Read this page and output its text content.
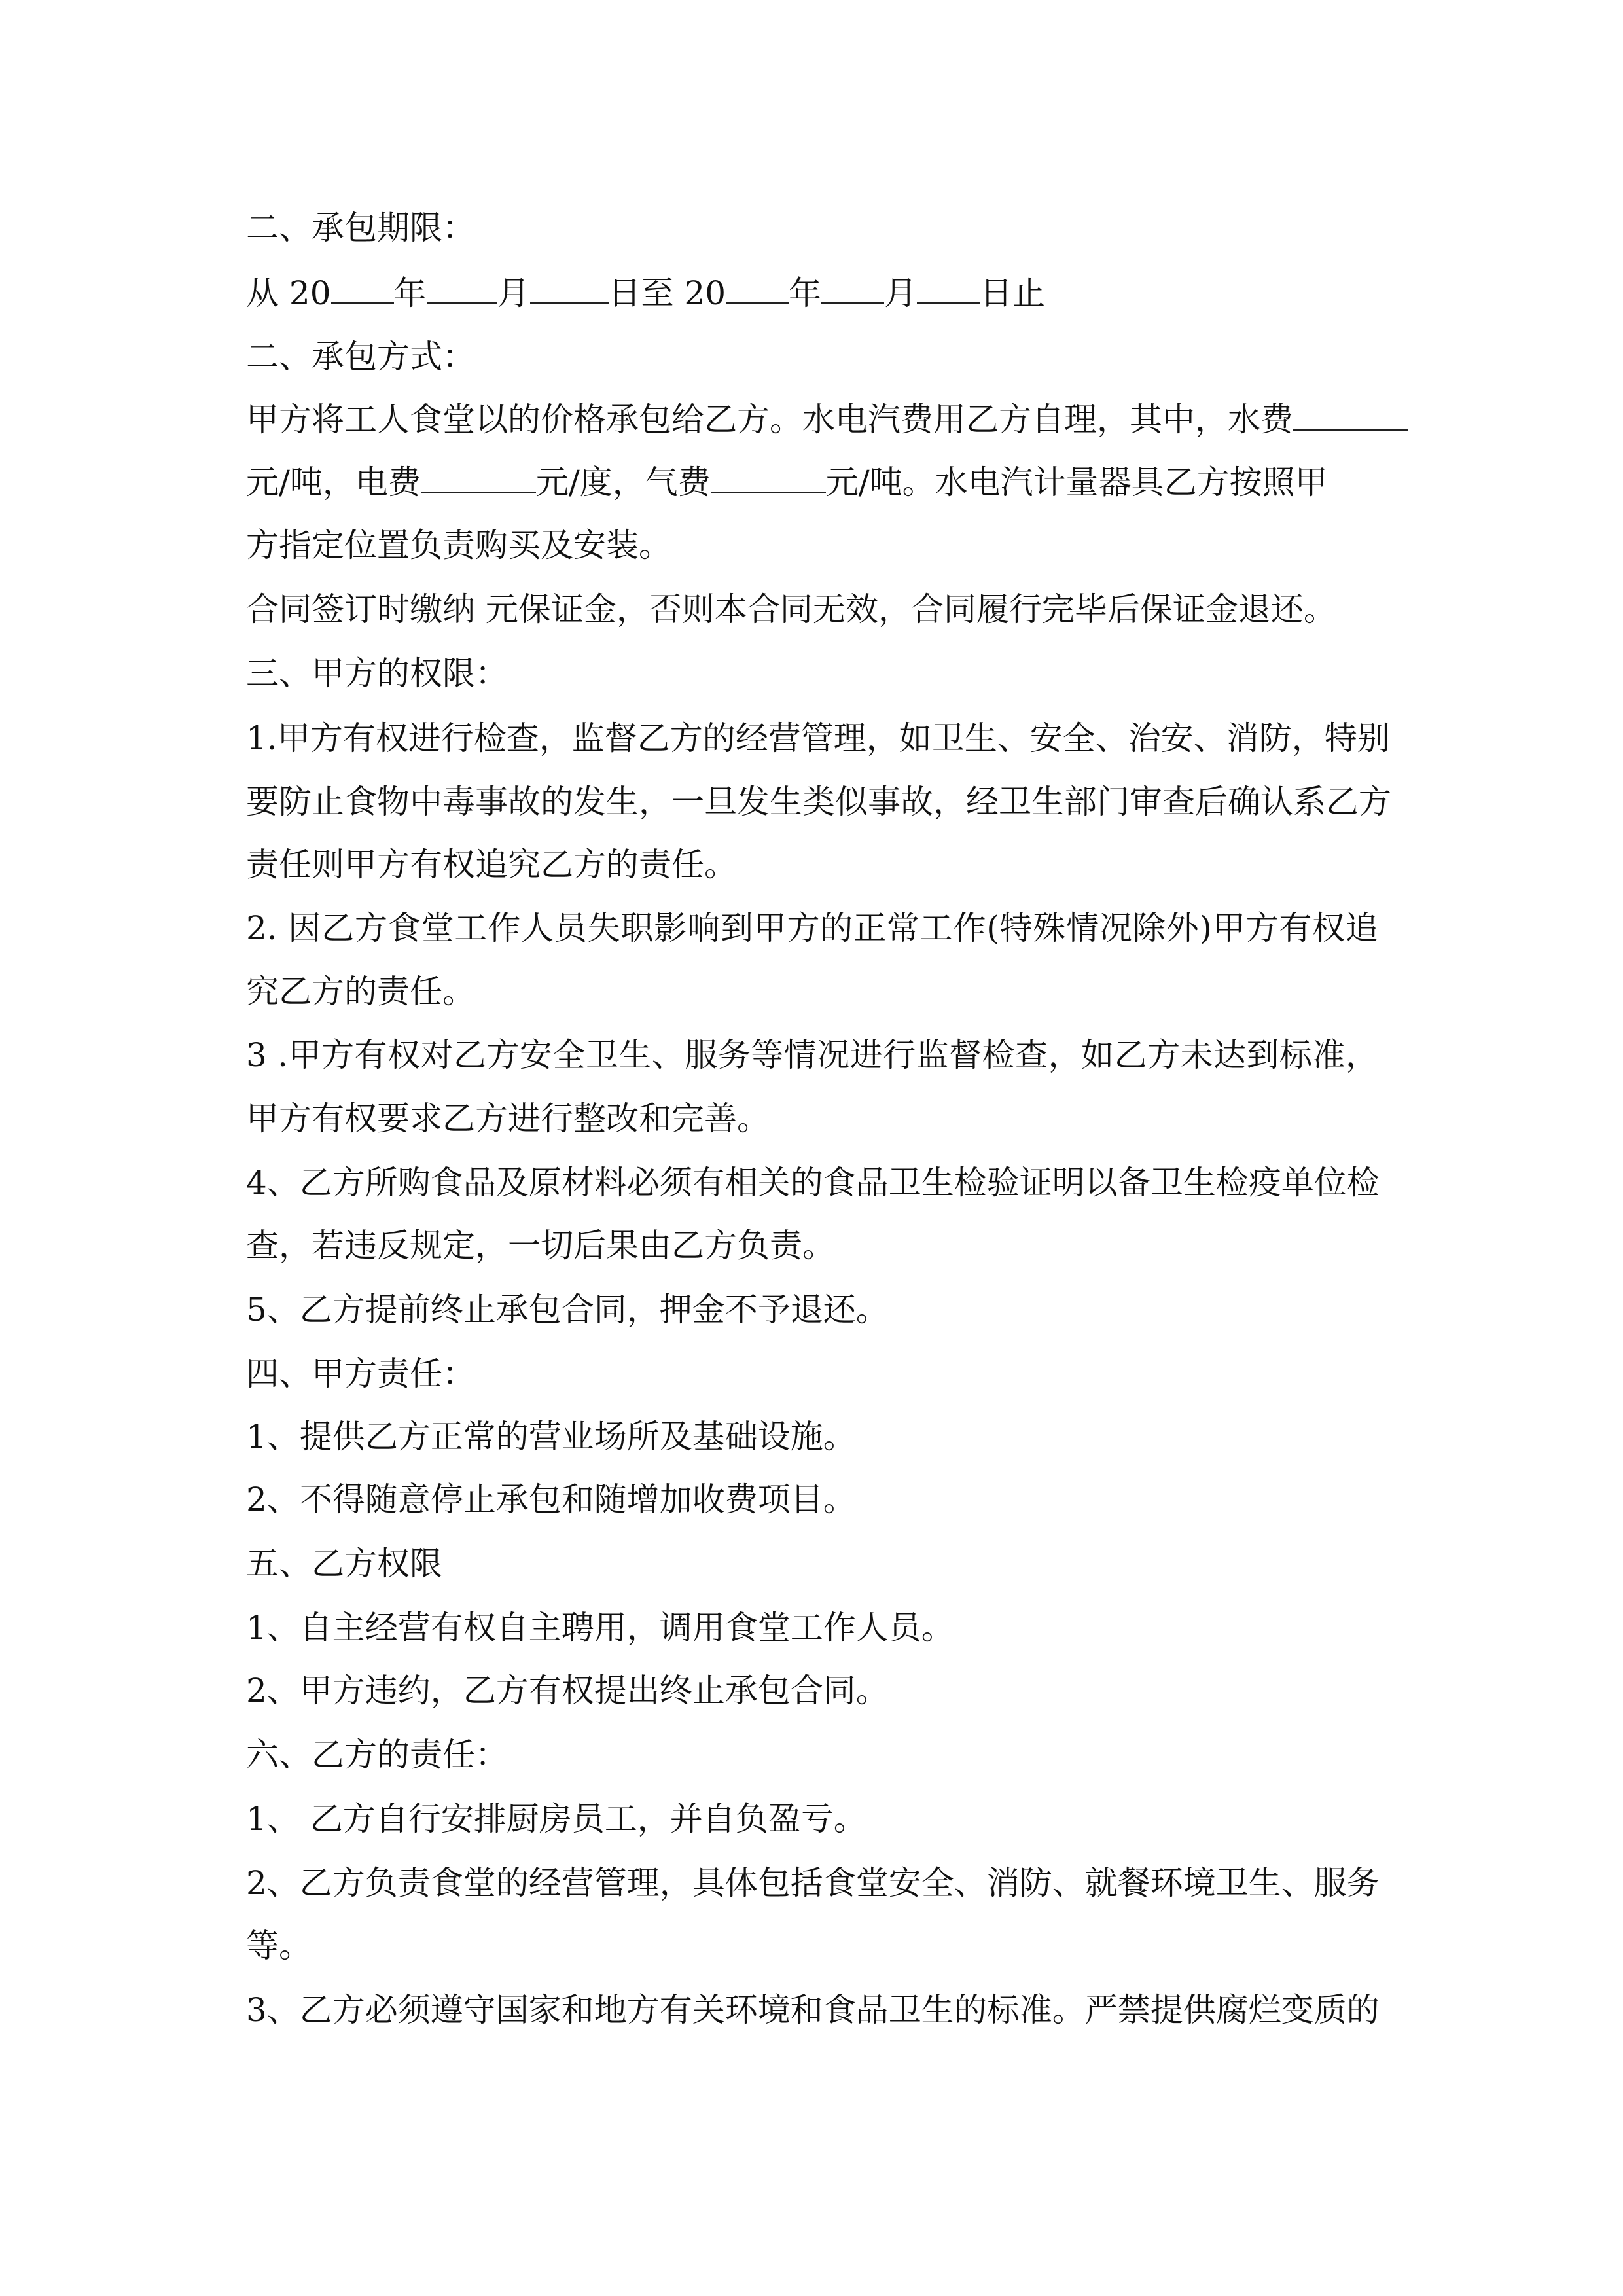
二、承包期限：
从 20 年 月 日至 20 年 月 日止
二、承包方式：
甲方将工人食堂以的价格承包给乙方。水电汽费用乙方自理，其中，水费
元/吨，电费	元/度，气费	元/吨。水电汽计量器具乙方按照甲
方指定位置负责购买及安装。
合同签订时缴纳 元保证金，否则本合同无效，合同履行完毕后保证金退还。
三、甲方的权限：
1.甲方有权进行检查，监督乙方的经营管理，如卫生、安全、治安、消防，特别
要防止食物中毒事故的发生，一旦发生类似事故，经卫生部门审查后确认系乙方
责任则甲方有权追究乙方的责任。
2. 因乙方食堂工作人员失职影响到甲方的正常工作(特殊情况除外)甲方有权追
究乙方的责任。
3 .甲方有权对乙方安全卫生、服务等情况进行监督检查，如乙方未达到标准，
甲方有权要求乙方进行整改和完善。
4、乙方所购食品及原材料必须有相关的食品卫生检验证明以备卫生检疫单位检
查，若违反规定，一切后果由乙方负责。
5、乙方提前终止承包合同，押金不予退还。
四、甲方责任：
1、提供乙方正常的营业场所及基础设施。
2、不得随意停止承包和随增加收费项目。
五、乙方权限
1、自主经营有权自主聘用，调用食堂工作人员。
2、甲方违约，乙方有权提出终止承包合同。
六、乙方的责任：
1、 乙方自行安排厨房员工，并自负盈亏。
2、乙方负责食堂的经营管理，具体包括食堂安全、消防、就餐环境卫生、服务
等。
3、乙方必须遵守国家和地方有关环境和食品卫生的标准。严禁提供腐烂变质的
